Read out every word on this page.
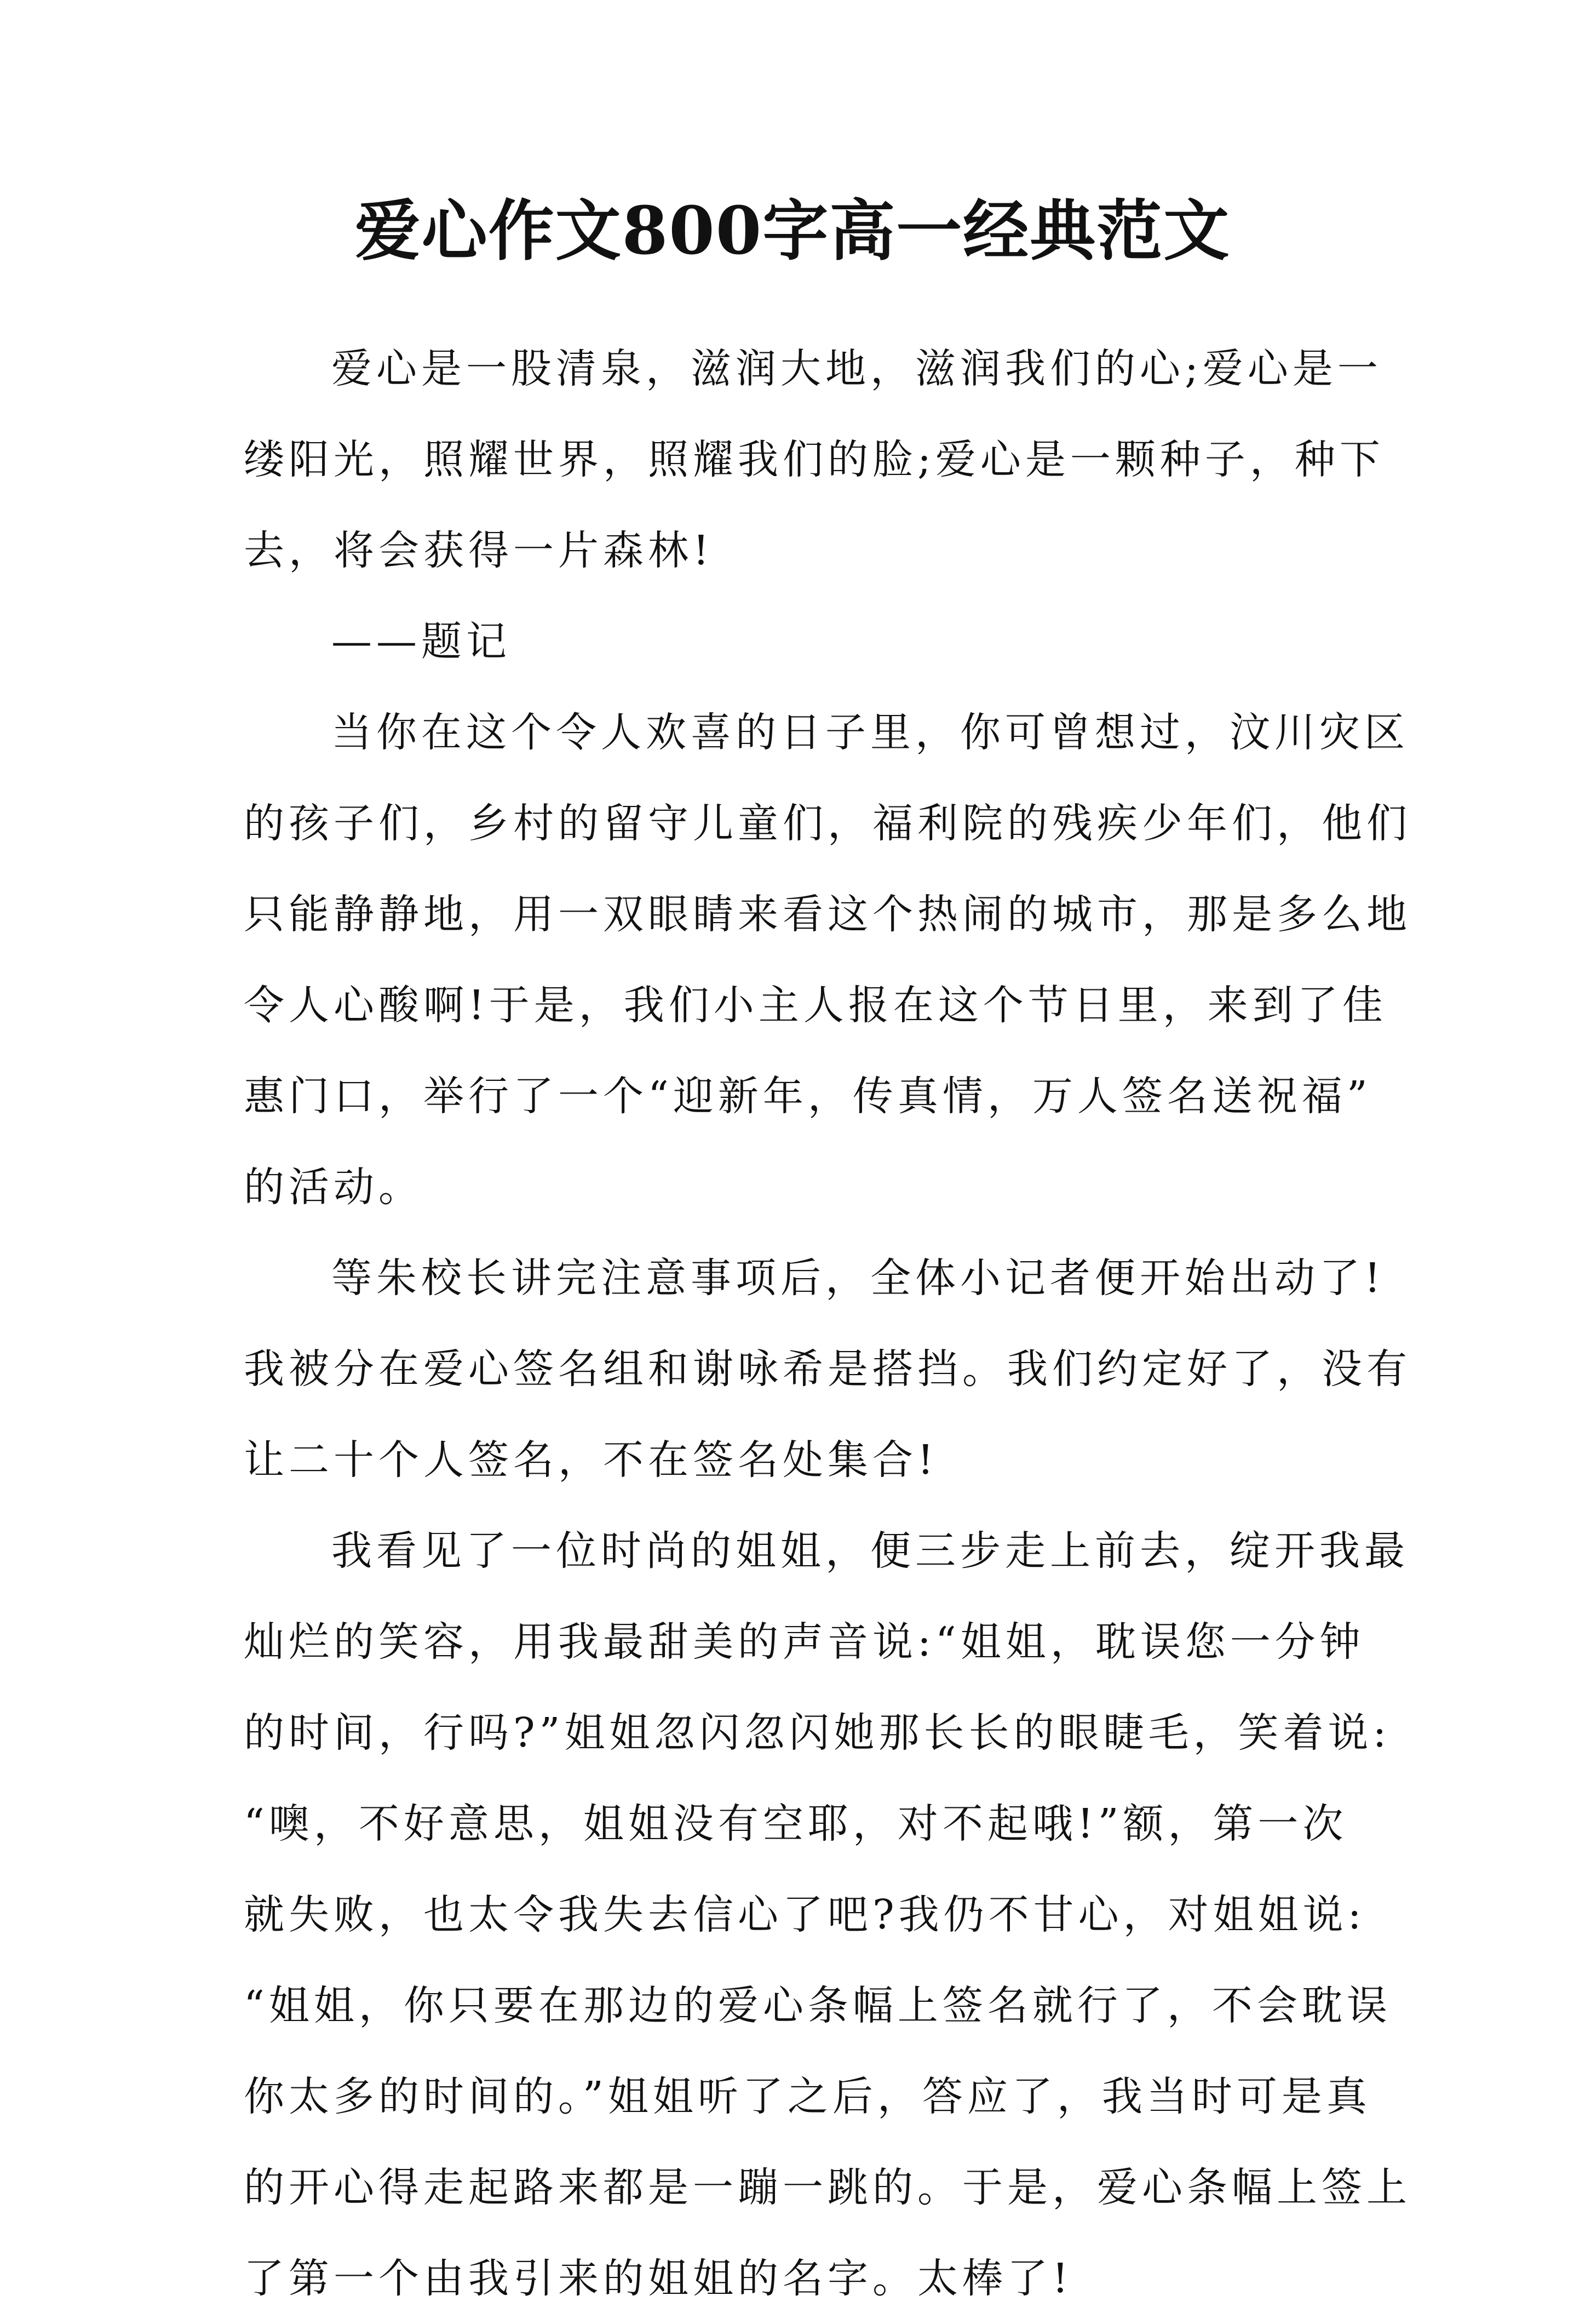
爱心作文800字高一经典范文
爱心是一股清泉，滋润大地，滋润我们的心;爱心是一
缕阳光，照耀世界，照耀我们的脸;爱心是一颗种子，种下
去，将会获得一片森林!
——题记
当你在这个令人欢喜的日子里，你可曾想过，汶川灾区
的孩子们，乡村的留守儿童们，福利院的残疾少年们，他们
只能静静地，用一双眼睛来看这个热闹的城市，那是多么地
令人心酸啊!于是，我们小主人报在这个节日里，来到了佳
惠门口，举行了一个“迎新年，传真情，万人签名送祝福”
的活动。
等朱校长讲完注意事项后，全体小记者便开始出动了!
我被分在爱心签名组和谢咏希是搭挡。我们约定好了，没有
让二十个人签名，不在签名处集合!
我看见了一位时尚的姐姐，便三步走上前去，绽开我最
灿烂的笑容，用我最甜美的声音说:“姐姐，耽误您一分钟
的时间，行吗?”姐姐忽闪忽闪她那长长的眼睫毛，笑着说:
“噢，不好意思，姐姐没有空耶，对不起哦!”额，第一次
就失败，也太令我失去信心了吧?我仍不甘心，对姐姐说:
“姐姐，你只要在那边的爱心条幅上签名就行了，不会耽误
你太多的时间的。”姐姐听了之后，答应了，我当时可是真
的开心得走起路来都是一蹦一跳的。于是，爱心条幅上签上
了第一个由我引来的姐姐的名字。太棒了!
